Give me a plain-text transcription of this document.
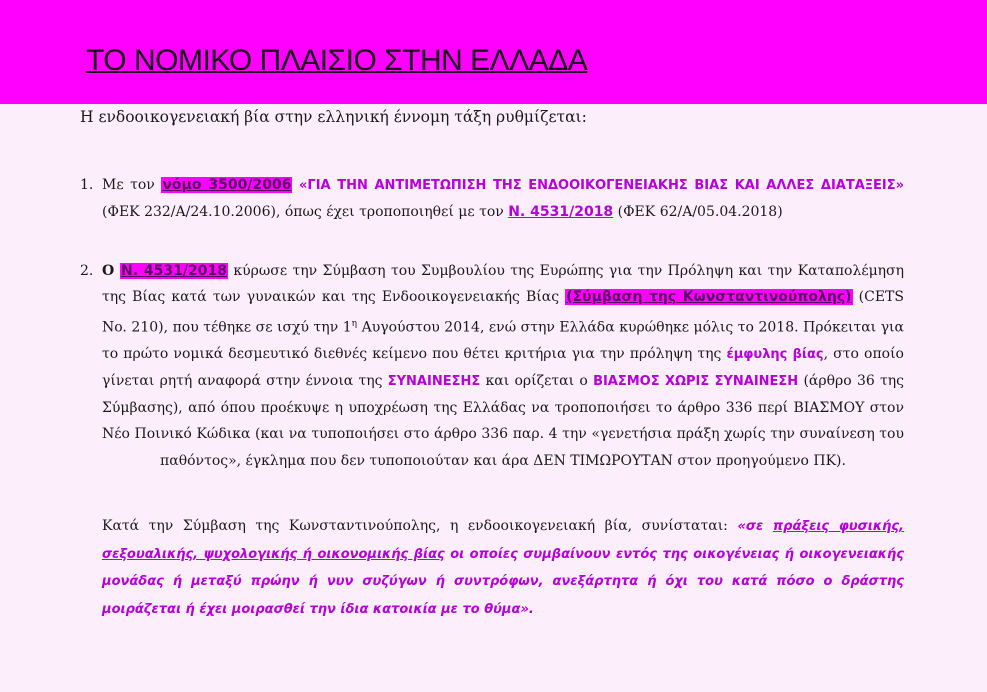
ΤΟ ΝΟΜΙΚΟ ΠΛΑΙΣΙΟ ΣΤΗΝ ΕΛΛΑΔΑ
Η ενδοοικογενειακή βία στην ελληνική έννομη τάξη ρυθμίζεται:
1. Με τον νόμο 3500/2006 «ΓΙΑ ΤΗΝ ΑΝΤΙΜΕΤΩΠΙΣΗ ΤΗΣ ΕΝΔΟΟΙΚΟΓΕΝΕΙΑΚΗΣ ΒΙΑΣ ΚΑΙ ΑΛΛΕΣ ΔΙΑΤΑΞΕΙΣ» (ΦΕΚ 232/Α/24.10.2006), όπως έχει τροποποιηθεί με τον Ν. 4531/2018 (ΦΕΚ 62/Α/05.04.2018)
2. Ο Ν. 4531/2018 κύρωσε την Σύμβαση του Συμβουλίου της Ευρώπης για την Πρόληψη και την Καταπολέμηση της Βίας κατά των γυναικών και της Ενδοοικογενειακής Βίας (Σύμβαση της Κωνσταντινούπολης) (CETS No. 210), που τέθηκε σε ισχύ την $1^\eta$ Αυγούστου 2014, ενώ στην Ελλάδα κυρώθηκε μόλις το 2018. Πρόκειται για το πρώτο νομικά δεσμευτικό διεθνές κείμενο που θέτει κριτήρια για την πρόληψη της έμφυλης βίας, στο οποίο γίνεται ρητή αναφορά στην έννοια της ΣΥΝΑΙΝΕΣΗΣ και ορίζεται ο ΒΙΑΣΜΟΣ ΧΩΡΙΣ ΣΥΝΑΙΝΕΣΗ (άρθρο 36 της Σύμβασης), από όπου προέκυψε η υποχρέωση της Ελλάδας να τροποποιήσει το άρθρο 336 περί ΒΙΑΣΜΟΥ στον Νέο Ποινικό Κώδικα (και να τυποποιήσει στο άρθρο 336 παρ. 4 την «γενετήσια πράξη χωρίς την συναίνεση του παθόντος», έγκλημα που δεν τυποποιούταν και άρα ΔΕΝ ΤΙΜΩΡΟΥΤΑΝ στον προηγούμενο ΠΚ).
Κατά την Σύμβαση της Κωνσταντινούπολης, η ενδοοικογενειακή βία, συνίσταται: «σε πράξεις φυσικής, σεξουαλικής, ψυχολογικής ή οικονομικής βίας οι οποίες συμβαίνουν εντός της οικογένειας ή οικογενειακής μονάδας ή μεταξύ πρώην ή νυν συζύγων ή συντρόφων, ανεξάρτητα ή όχι του κατά πόσο ο δράστης μοιράζεται ή έχει μοιρασθεί την ίδια κατοικία με το θύμα».
